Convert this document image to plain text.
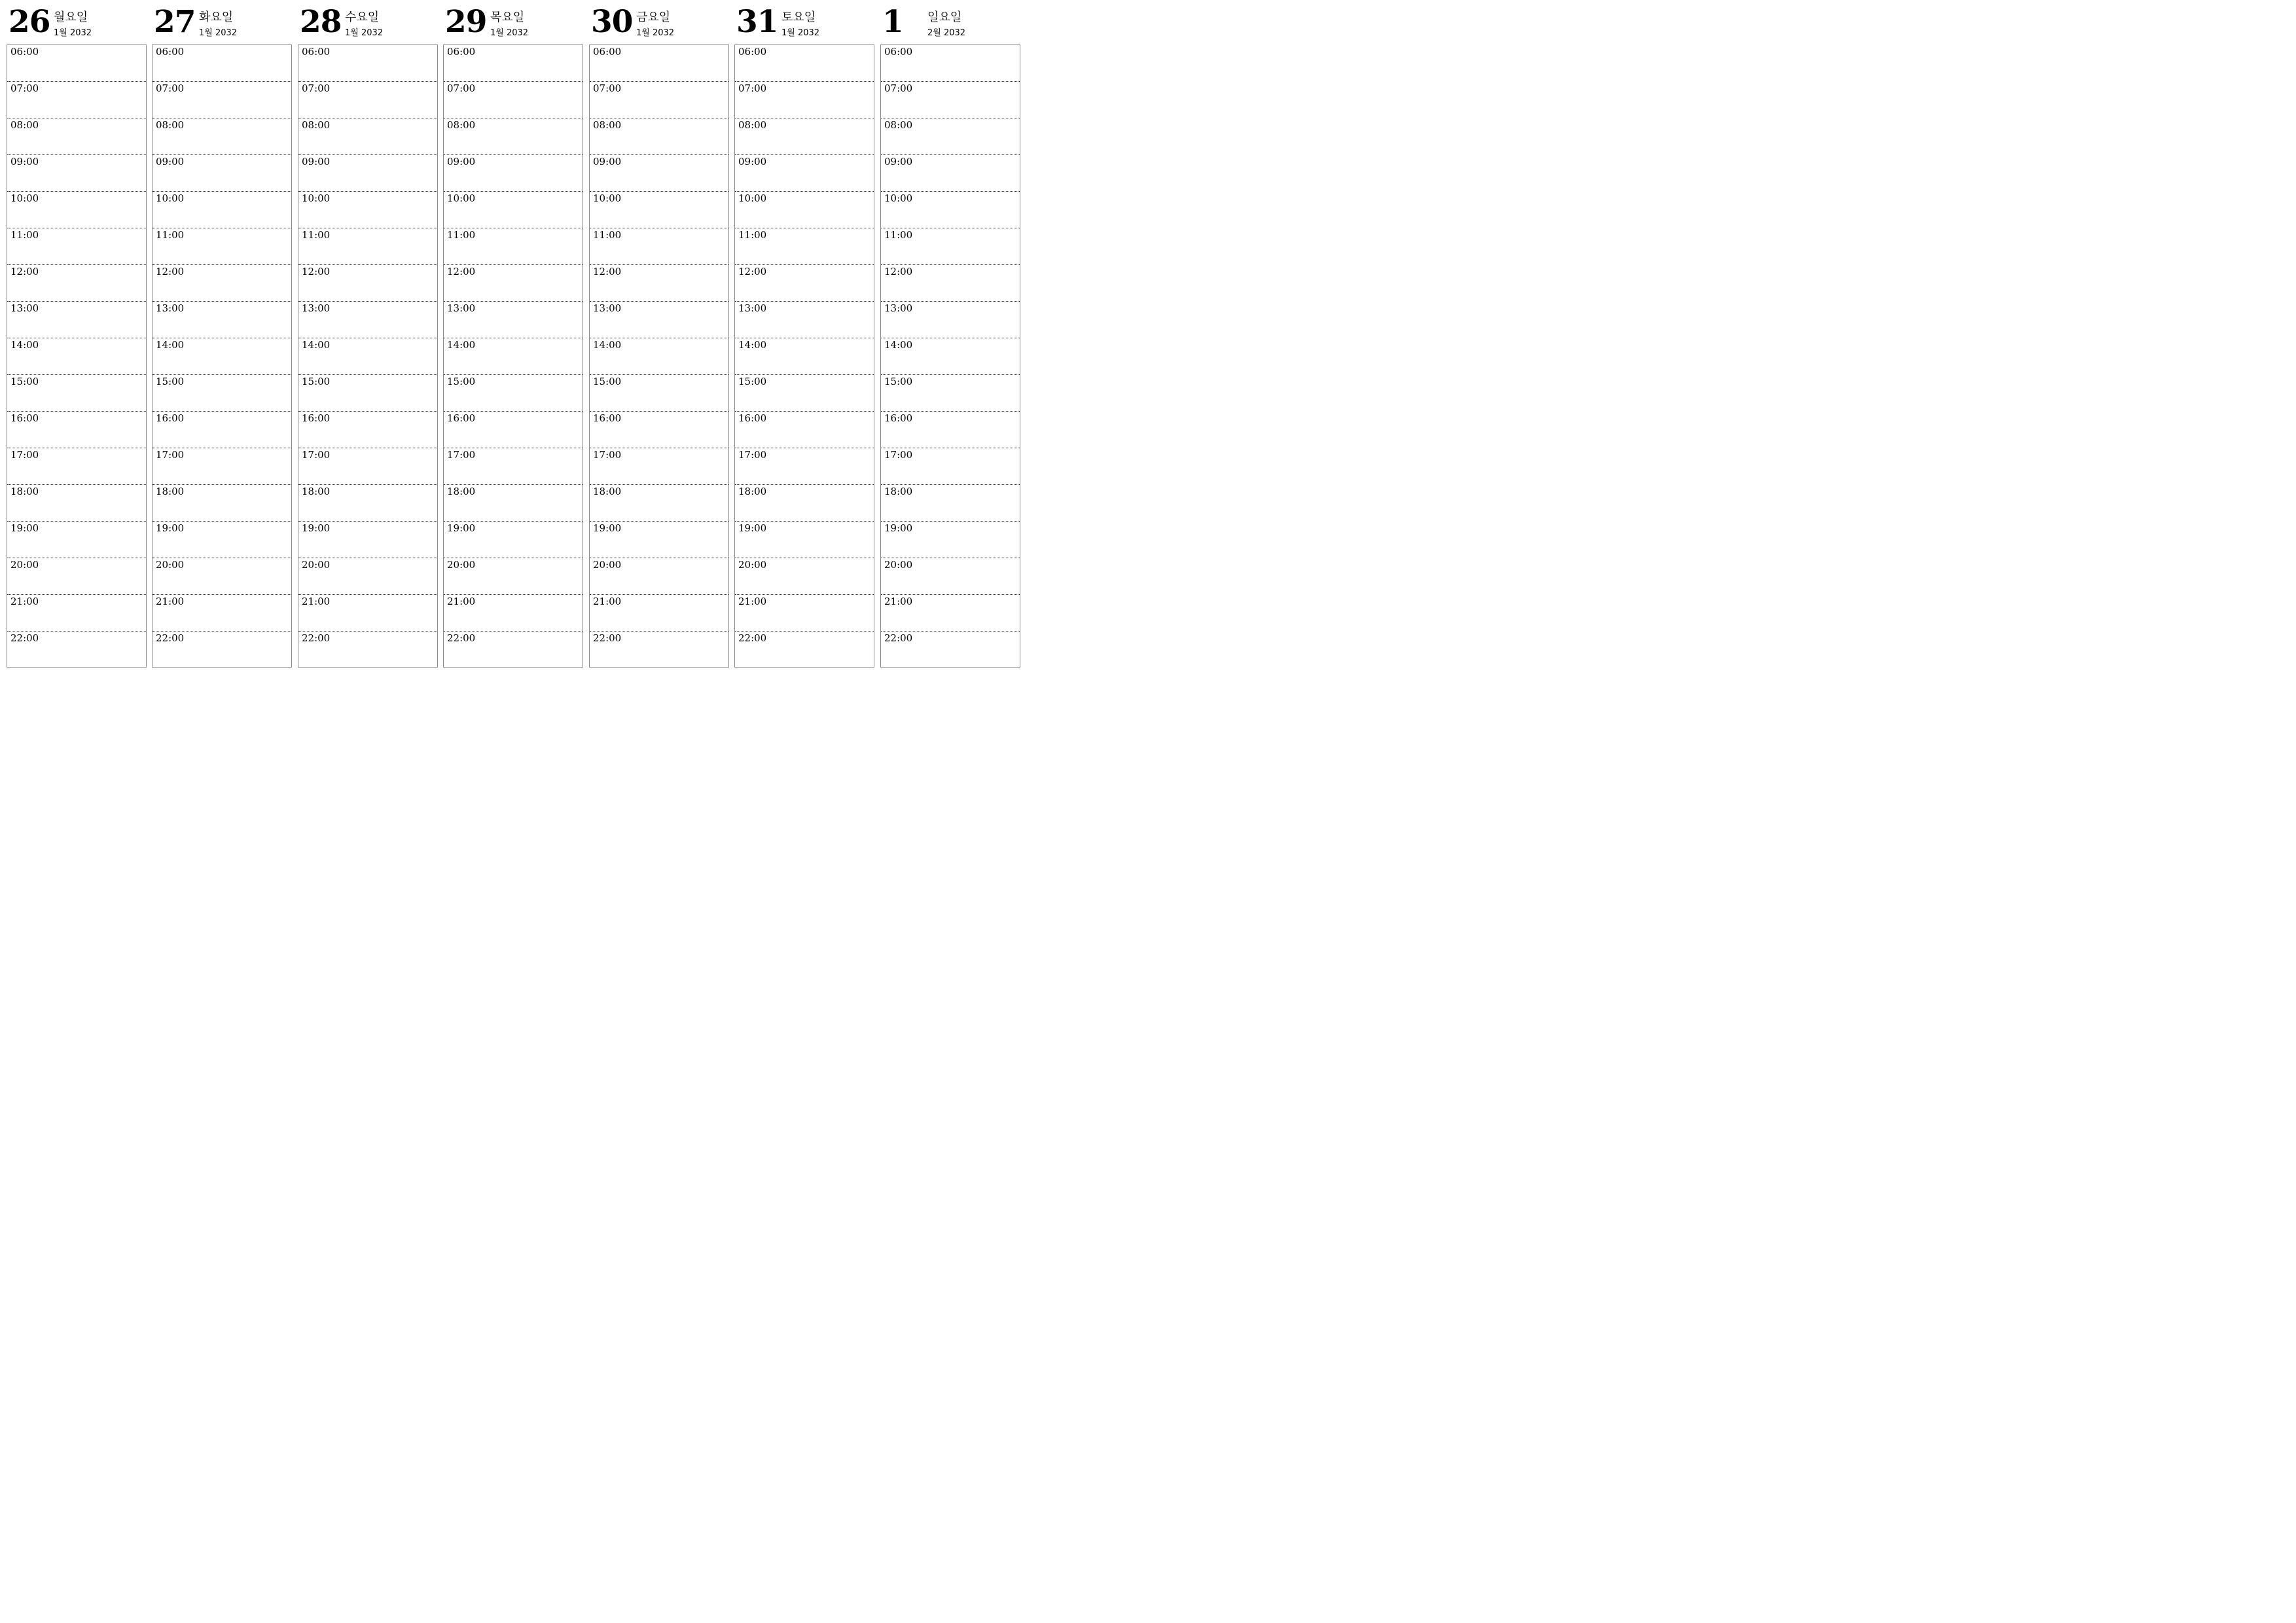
26 월요일
1월 2032
06:00
07:00
08:00
09:00
10:00
11:00
12:00
13:00
14:00
15:00
16:00
17:00
18:00
19:00
20:00
21:00
22:00
27 화요일
1월 2032
06:00
07:00
08:00
09:00
10:00
11:00
12:00
13:00
14:00
15:00
16:00
17:00
18:00
19:00
20:00
21:00
22:00
28 수요일
1월 2032
06:00
07:00
08:00
09:00
10:00
11:00
12:00
13:00
14:00
15:00
16:00
17:00
18:00
19:00
20:00
21:00
22:00
29 목요일
1월 2032
06:00
07:00
08:00
09:00
10:00
11:00
12:00
13:00
14:00
15:00
16:00
17:00
18:00
19:00
20:00
21:00
22:00
30 금요일
1월 2032
06:00
07:00
08:00
09:00
10:00
11:00
12:00
13:00
14:00
15:00
16:00
17:00
18:00
19:00
20:00
21:00
22:00
31 토요일
1월 2032
06:00
07:00
08:00
09:00
10:00
11:00
12:00
13:00
14:00
15:00
16:00
17:00
18:00
19:00
20:00
21:00
22:00
1 일요일
2월 2032
06:00
07:00
08:00
09:00
10:00
11:00
12:00
13:00
14:00
15:00
16:00
17:00
18:00
19:00
20:00
21:00
22:00
